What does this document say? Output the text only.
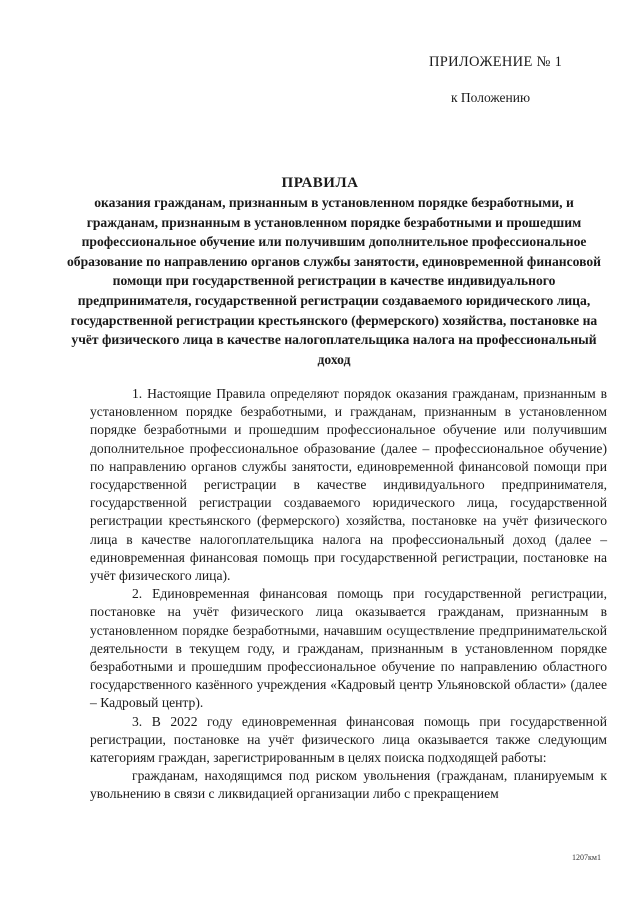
ПРИЛОЖЕНИЕ № 1
к Положению
ПРАВИЛА
оказания гражданам, признанным в установленном порядке безработными, и гражданам, признанным в установленном порядке безработными и прошедшим профессиональное обучение или получившим дополнительное профессиональное образование по направлению органов службы занятости, единовременной финансовой помощи при государственной регистрации в качестве индивидуального предпринимателя, государственной регистрации создаваемого юридического лица, государственной регистрации крестьянского (фермерского) хозяйства, постановке на учёт физического лица в качестве налогоплательщика налога на профессиональный доход

1. Настоящие Правила определяют порядок оказания гражданам, признанным в установленном порядке безработными, и гражданам, признанным в установленном порядке безработными и прошедшим профессиональное обучение или получившим дополнительное профессиональное образование (далее – профессиональное обучение) по направлению органов службы занятости, единовременной финансовой помощи при государственной регистрации в качестве индивидуального предпринимателя, государственной регистрации создаваемого юридического лица, государственной регистрации крестьянского (фермерского) хозяйства, постановке на учёт физического лица в качестве налогоплательщика налога на профессиональный доход (далее – единовременная финансовая помощь при государственной регистрации, постановке на учёт физического лица).

2. Единовременная финансовая помощь при государственной регистрации, постановке на учёт физического лица оказывается гражданам, признанным в установленном порядке безработными, начавшим осуществление предпринимательской деятельности в текущем году, и гражданам, признанным в установленном порядке безработными и прошедшим профессиональное обучение по направлению областного государственного казённого учреждения «Кадровый центр Ульяновской области» (далее – Кадровый центр).

3. В 2022 году единовременная финансовая помощь при государственной регистрации, постановке на учёт физического лица оказывается также следующим категориям граждан, зарегистрированным в целях поиска подходящей работы:

гражданам, находящимся под риском увольнения (гражданам, планируемым к увольнению в связи с ликвидацией организации либо с прекращением

1207км1
